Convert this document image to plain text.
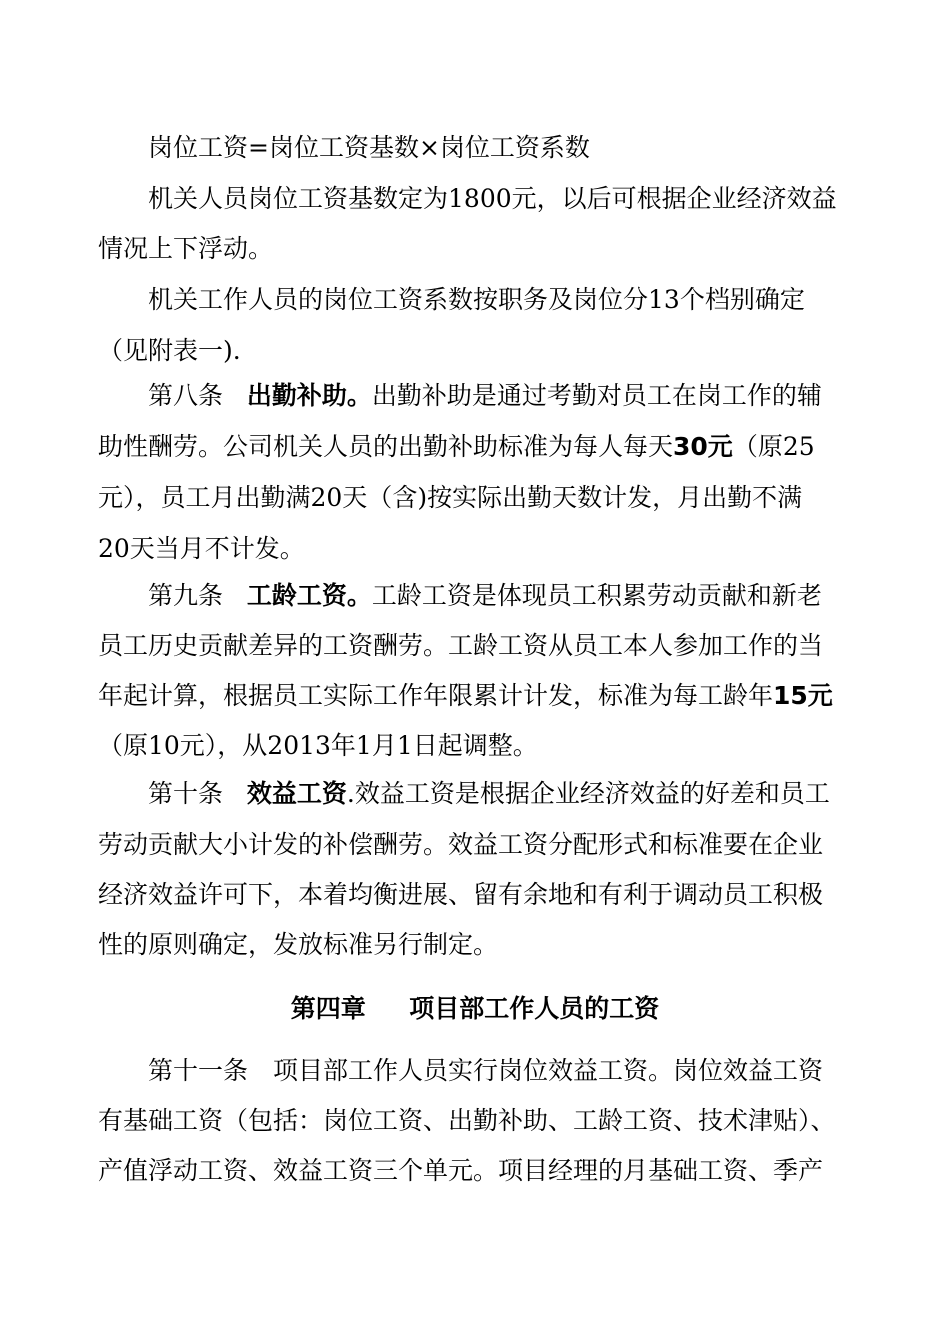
岗位工资=岗位工资基数×岗位工资系数
机关人员岗位工资基数定为1800元，以后可根据企业经济效益
情况上下浮动。
机关工作人员的岗位工资系数按职务及岗位分13个档别确定
（见附表一).
第八条 出勤补助。出勤补助是通过考勤对员工在岗工作的辅
助性酬劳。公司机关人员的出勤补助标准为每人每天30元（原25
元），员工月出勤满20天（含)按实际出勤天数计发，月出勤不满
20天当月不计发。
第九条 工龄工资。工龄工资是体现员工积累劳动贡献和新老
员工历史贡献差异的工资酬劳。工龄工资从员工本人参加工作的当
年起计算，根据员工实际工作年限累计计发，标准为每工龄年15元
（原10元），从2013年1月1日起调整。
第十条 效益工资.效益工资是根据企业经济效益的好差和员工
劳动贡献大小计发的补偿酬劳。效益工资分配形式和标准要在企业
经济效益许可下，本着均衡进展、留有余地和有利于调动员工积极
性的原则确定，发放标准另行制定。
第四章 项目部工作人员的工资
第十一条　项目部工作人员实行岗位效益工资。岗位效益工资
有基础工资（包括：岗位工资、出勤补助、工龄工资、技术津贴）、
产值浮动工资、效益工资三个单元。项目经理的月基础工资、季产
